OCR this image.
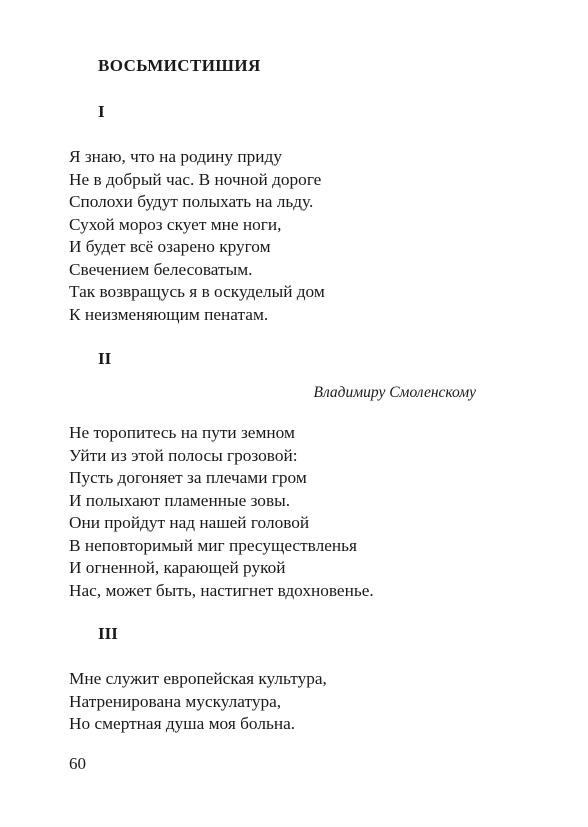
ВОСЬМИСТИШИЯ
I
Я знаю, что на родину приду
Не в добрый час. В ночной дороге
Сполохи будут полыхать на льду.
Сухой мороз скует мне ноги,
И будет всё озарено кругом
Свечением белесоватым.
Так возвращусь я в оскуделый дом
К неизменяющим пенатам.
II
Владимиру Смоленскому
Не торопитесь на пути земном
Уйти из этой полосы грозовой:
Пусть догоняет за плечами гром
И полыхают пламенные зовы.
Они пройдут над нашей головой
В неповторимый миг пресуществленья
И огненной, карающей рукой
Нас, может быть, настигнет вдохновенье.
III
Мне служит европейская культура,
Натренирована мускулатура,
Но смертная душа моя больна.
60
